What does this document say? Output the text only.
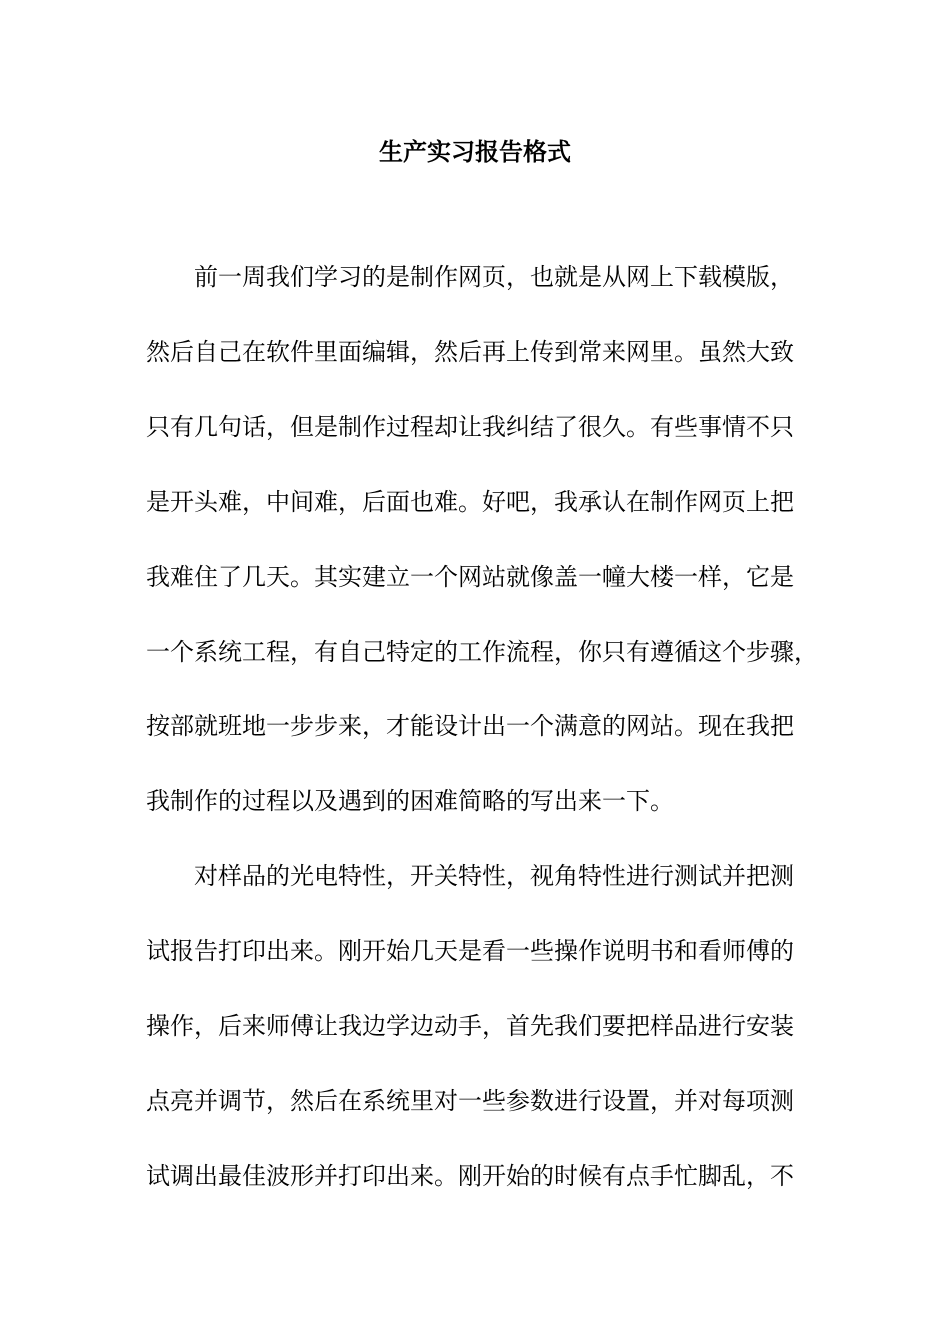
生产实习报告格式

前一周我们学习的是制作网页，也就是从网上下载模版，

然后自己在软件里面编辑，然后再上传到常来网里。虽然大致

只有几句话，但是制作过程却让我纠结了很久。有些事情不只

是开头难，中间难，后面也难。好吧，我承认在制作网页上把

我难住了几天。其实建立一个网站就像盖一幢大楼一样，它是

一个系统工程，有自己特定的工作流程，你只有遵循这个步骤，

按部就班地一步步来，才能设计出一个满意的网站。现在我把

我制作的过程以及遇到的困难简略的写出来一下。

对样品的光电特性，开关特性，视角特性进行测试并把测

试报告打印出来。刚开始几天是看一些操作说明书和看师傅的

操作，后来师傅让我边学边动手，首先我们要把样品进行安装

点亮并调节，然后在系统里对一些参数进行设置，并对每项测

试调出最佳波形并打印出来。刚开始的时候有点手忙脚乱，不
